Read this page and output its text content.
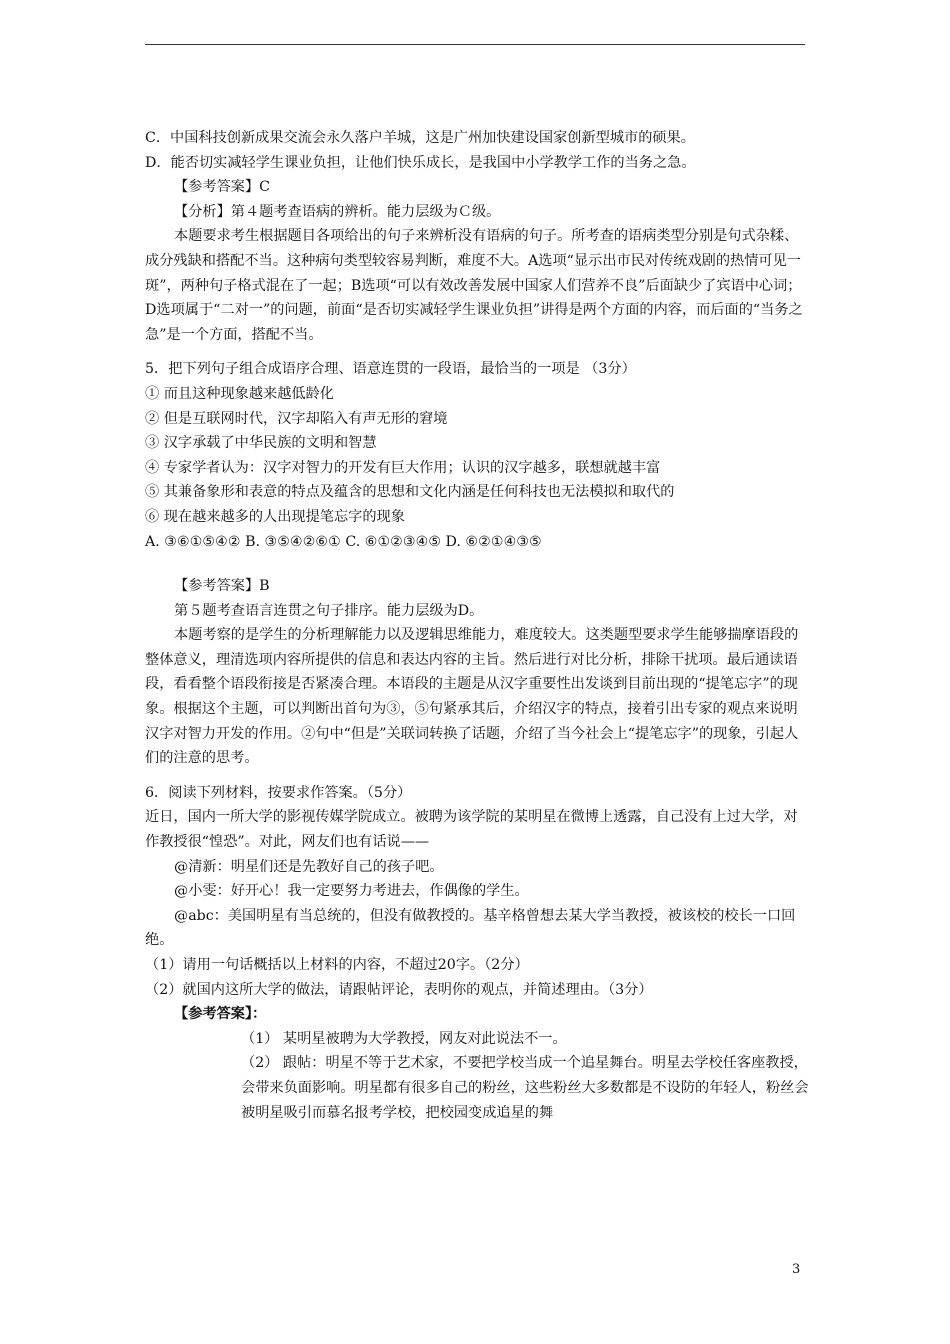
C．中国科技创新成果交流会永久落户羊城，这是广州加快建设国家创新型城市的硕果。

D．能否切实减轻学生课业负担，让他们快乐成长，是我国中小学教学工作的当务之急。

【参考答案】C

【分析】第４题考查语病的辨析。能力层级为Ｃ级。

本题要求考生根据题目各项给出的句子来辨析没有语病的句子。所考查的语病类型分别是句式杂糅、成分残缺和搭配不当。这种病句类型较容易判断，难度不大。A选项“显示出市民对传统戏剧的热情可见一斑”，两种句子格式混在了一起；B选项“可以有效改善发展中国家人们营养不良”后面缺少了宾语中心词；D选项属于“二对一”的问题，前面“是否切实减轻学生课业负担”讲得是两个方面的内容，而后面的“当务之急”是一个方面，搭配不当。

5．把下列句子组合成语序合理、语意连贯的一段语，最恰当的一项是 （3分）

① 而且这种现象越来越低龄化

② 但是互联网时代，汉字却陷入有声无形的窘境

③ 汉字承载了中华民族的文明和智慧

④ 专家学者认为：汉字对智力的开发有巨大作用；认识的汉字越多，联想就越丰富

⑤ 其兼备象形和表意的特点及蕴含的思想和文化内涵是任何科技也无法模拟和取代的

⑥ 现在越来越多的人出现提笔忘字的现象

A. ③⑥①⑤④② B. ③⑤④②⑥① C. ⑥①②③④⑤ D. ⑥②①④③⑤

【参考答案】B

第５题考查语言连贯之句子排序。能力层级为D。

本题考察的是学生的分析理解能力以及逻辑思维能力，难度较大。这类题型要求学生能够揣摩语段的整体意义，理清选项内容所提供的信息和表达内容的主旨。然后进行对比分析，排除干扰项。最后通读语段，看看整个语段衔接是否紧凑合理。本语段的主题是从汉字重要性出发谈到目前出现的“提笔忘字”的现象。根据这个主题，可以判断出首句为③，⑤句紧承其后，介绍汉字的特点，接着引出专家的观点来说明汉字对智力开发的作用。②句中“但是”关联词转换了话题，介绍了当今社会上“提笔忘字”的现象，引起人们的注意的思考。

6．阅读下列材料，按要求作答案。（5分）

近日，国内一所大学的影视传媒学院成立。被聘为该学院的某明星在微博上透露，自己没有上过大学，对作教授很“惶恐”。对此，网友们也有话说——

@清新：明星们还是先教好自己的孩子吧。

@小雯：好开心！我一定要努力考进去，作偶像的学生。

@abc：美国明星有当总统的，但没有做教授的。基辛格曾想去某大学当教授，被该校的校长一口回绝。

（1）请用一句话概括以上材料的内容，不超过20字。（2分）

（2）就国内这所大学的做法，请跟帖评论，表明你的观点，并简述理由。（3分）

【参考答案】：

（1） 某明星被聘为大学教授，网友对此说法不一。

（2） 跟帖：明星不等于艺术家，不要把学校当成一个追星舞台。明星去学校任客座教授，会带来负面影响。明星都有很多自己的粉丝，这些粉丝大多数都是不设防的年轻人，粉丝会被明星吸引而慕名报考学校，把校园变成追星的舞

3
